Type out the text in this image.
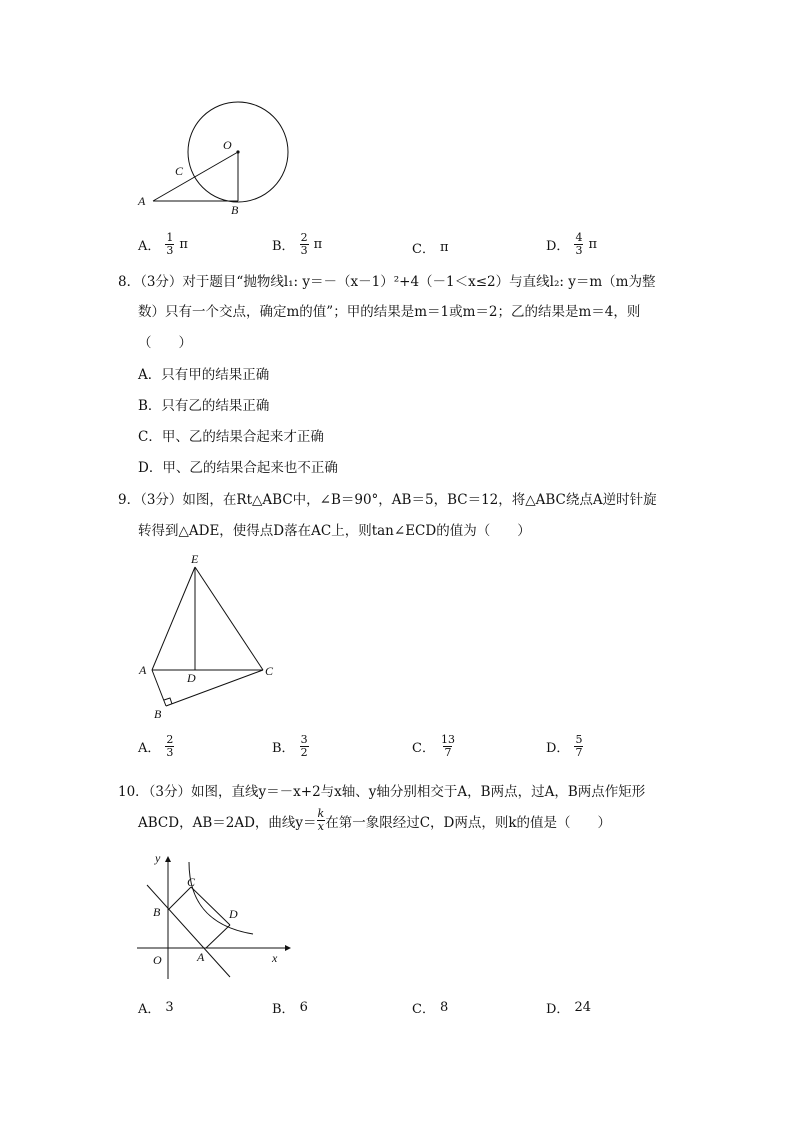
O
C
A
B
A． $\frac{1}{3}$ π	B． $\frac{2}{3}$ π	C． π	D． $\frac{4}{3}$ π
8．（3分）对于题目“抛物线l₁: y＝－（x－1）²+4（－1＜x≤2）与直线l₂: y＝m（m为整
数）只有一个交点，确定m的值”；甲的结果是m＝1或m＝2；乙的结果是m＝4，则
（　　）
A．只有甲的结果正确
B．只有乙的结果正确
C．甲、乙的结果合起来才正确
D．甲、乙的结果合起来也不正确
9．（3分）如图，在Rt△ABC中，∠B＝90°，AB＝5，BC＝12，将△ABC绕点A逆时针旋
转得到△ADE，使得点D落在AC上，则tan∠ECD的值为（　　）
E
A
D	C
B
A． $\frac{2}{3}$	B． $\frac{3}{2}$	C． $\frac{13}{7}$	D． $\frac{5}{7}$
10．（3分）如图，直线y＝－x+2与x轴、y轴分别相交于A，B两点，过A，B两点作矩形
ABCD，AB＝2AD，曲线$y= \frac{k}{x}$ 在第一象限经过C，D两点，则k的值是（　　）
y
x
O	A
B
C
D
A． 3	B． 6	C． 8	D． 24
